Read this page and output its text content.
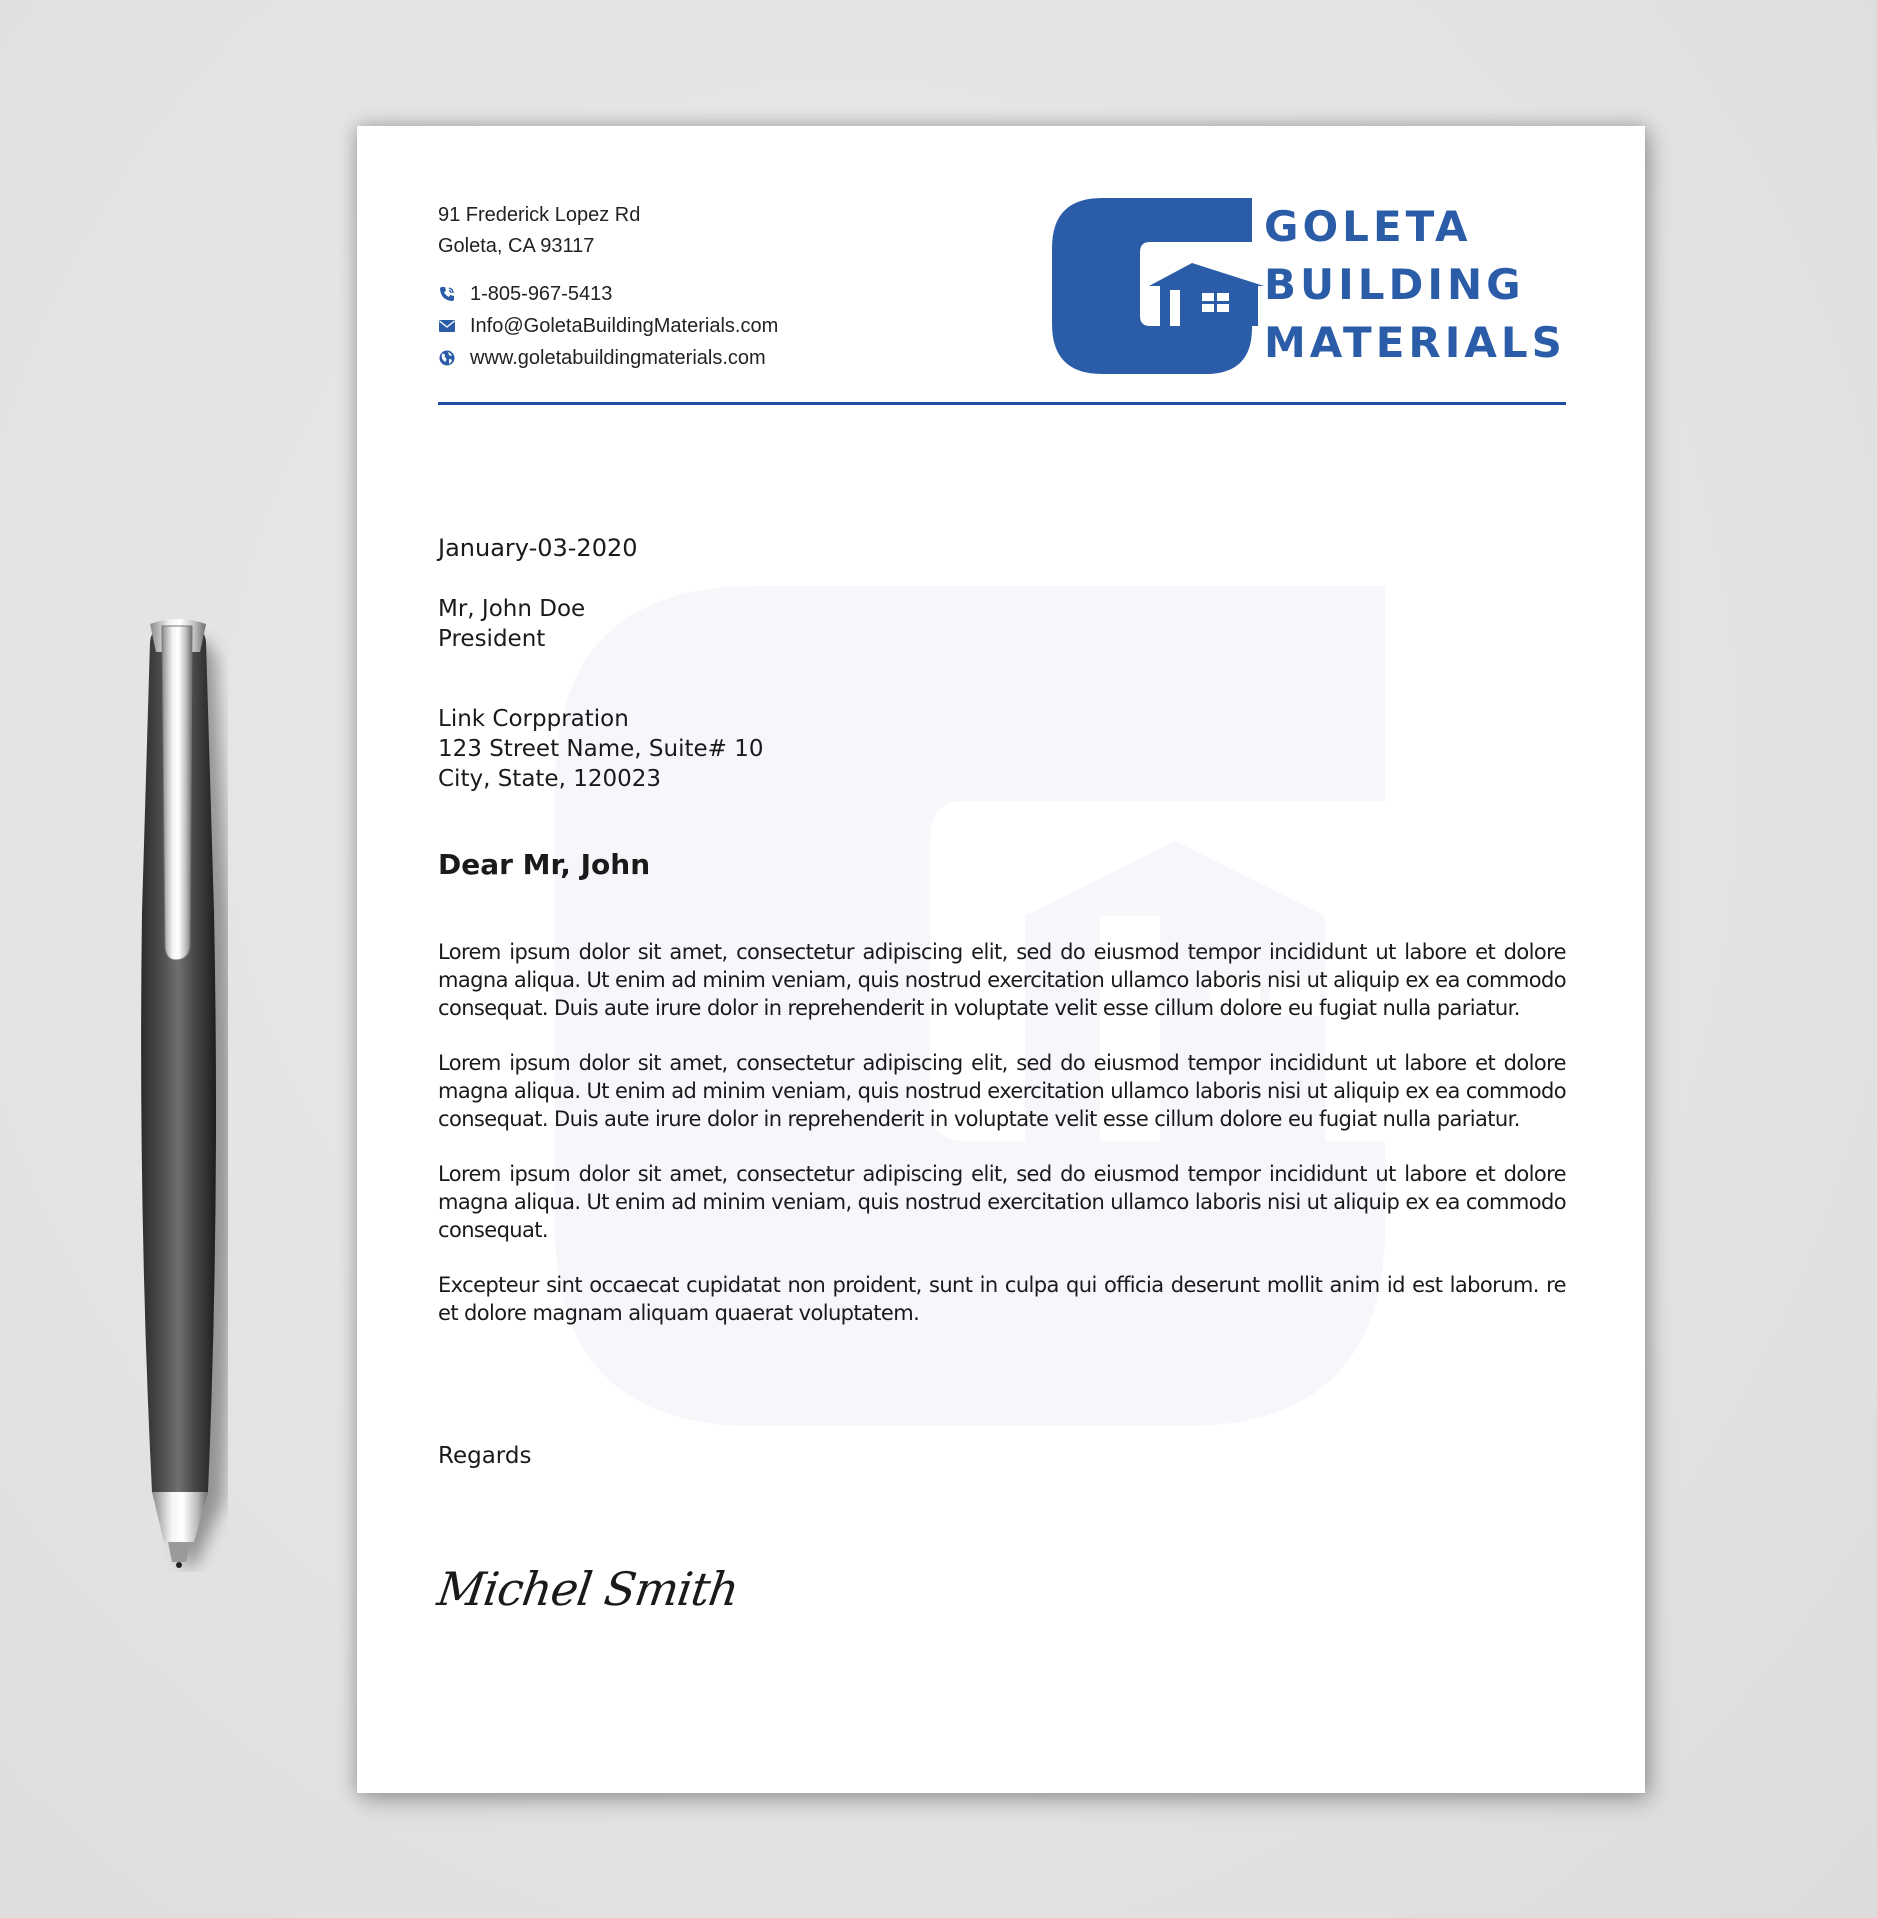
91 Frederick Lopez Rd
Goleta, CA 93117
1-805-967-5413
Info@GoletaBuildingMaterials.com
www.goletabuildingmaterials.com
GOLETA
BUILDING
MATERIALS
January-03-2020
Mr, John Doe
President
Link Corppration
123 Street Name, Suite# 10
City, State, 120023
Dear Mr, John

Lorem ipsum dolor sit amet, consectetur adipiscing elit, sed do eiusmod tempor incididunt ut labore et dolore magna aliqua. Ut enim ad minim veniam, quis nostrud exercitation ullamco laboris nisi ut aliquip ex ea commodo consequat. Duis aute irure dolor in reprehenderit in voluptate velit esse cillum dolore eu fugiat nulla pariatur.

Lorem ipsum dolor sit amet, consectetur adipiscing elit, sed do eiusmod tempor incididunt ut labore et dolore magna aliqua. Ut enim ad minim veniam, quis nostrud exercitation ullamco laboris nisi ut aliquip ex ea commodo consequat. Duis aute irure dolor in reprehenderit in voluptate velit esse cillum dolore eu fugiat nulla pariatur.

Lorem ipsum dolor sit amet, consectetur adipiscing elit, sed do eiusmod tempor incididunt ut labore et dolore magna aliqua. Ut enim ad minim veniam, quis nostrud exercitation ullamco laboris nisi ut aliquip ex ea commodo consequat.

Excepteur sint occaecat cupidatat non proident, sunt in culpa qui officia deserunt mollit anim id est laborum. re et dolore magnam aliquam quaerat voluptatem.

Regards
Michel Smith
